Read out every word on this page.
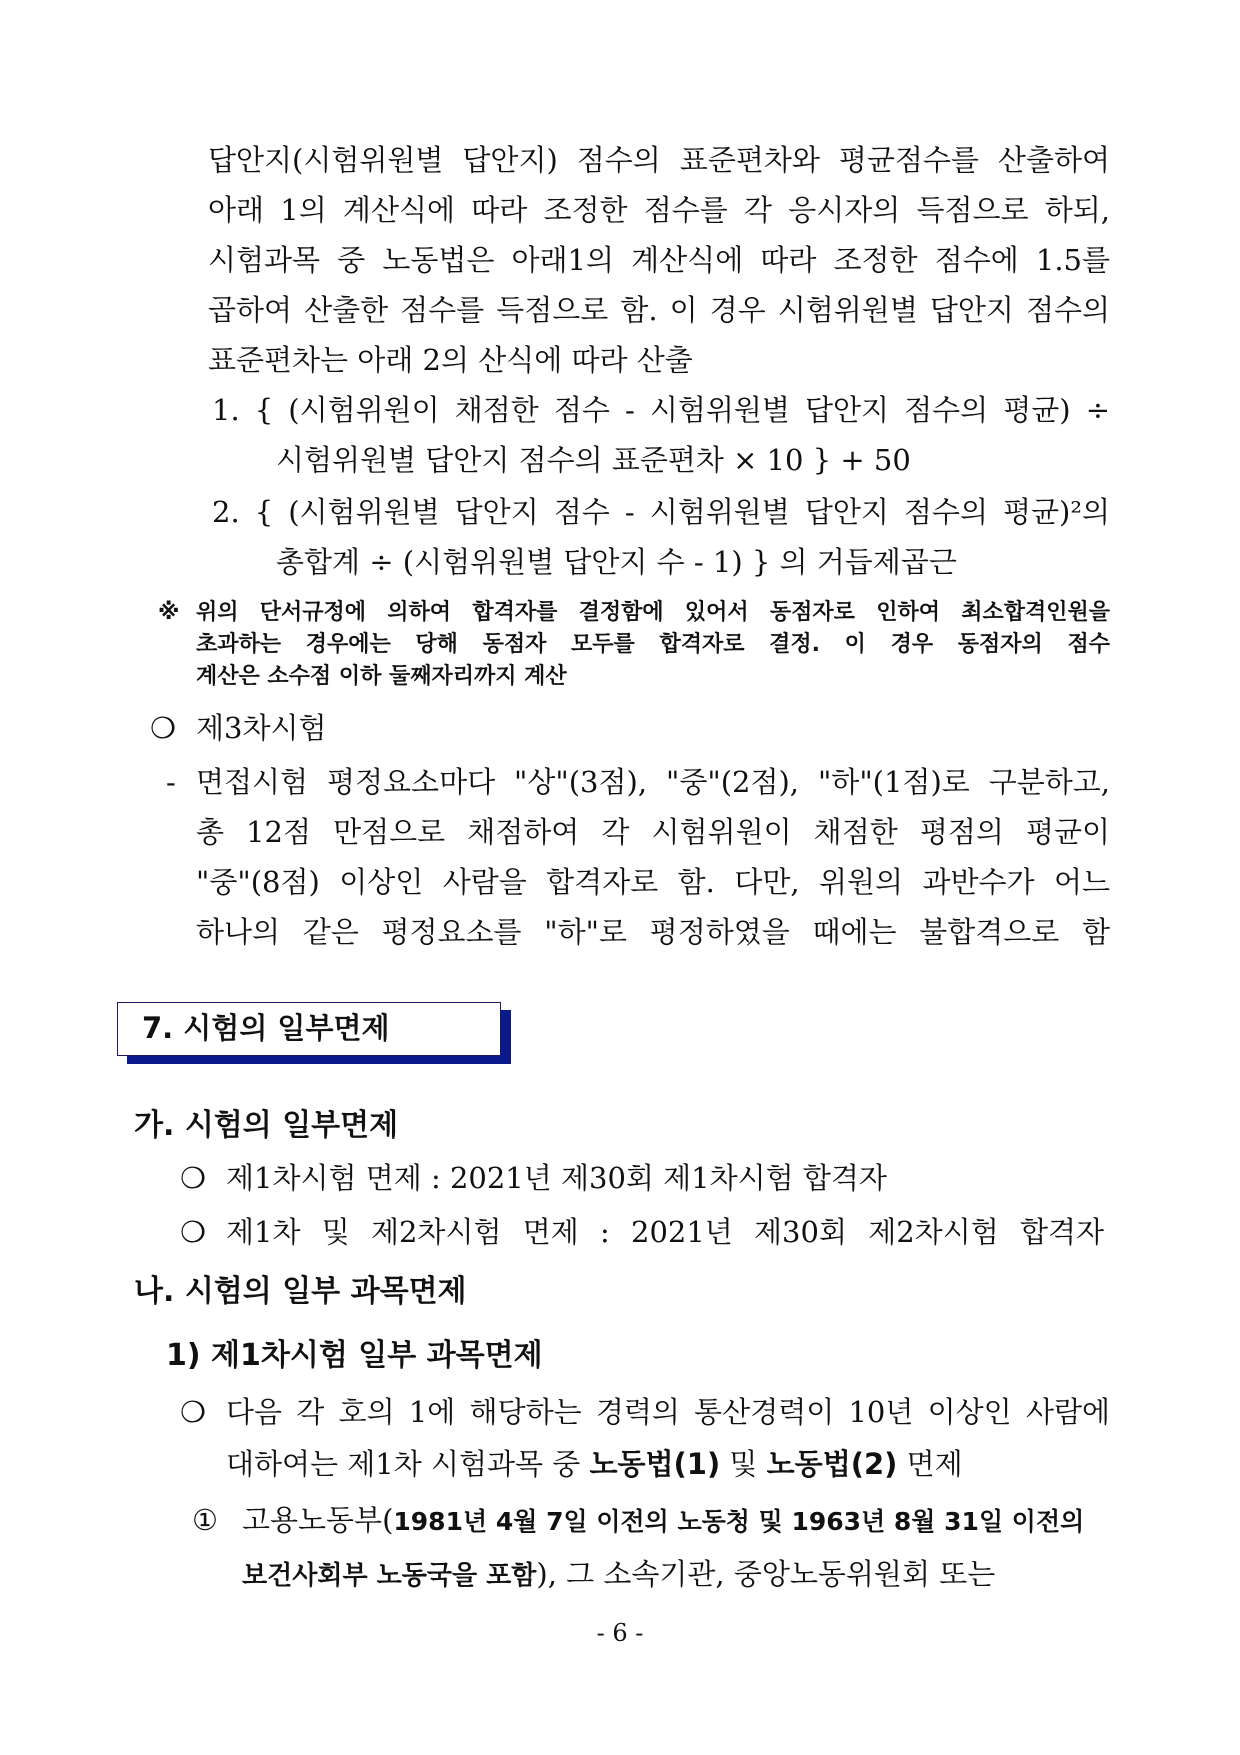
답안지(시험위원별 답안지) 점수의 표준편차와 평균점수를 산출하여
아래 1의 계산식에 따라 조정한 점수를 각 응시자의 득점으로 하되,
시험과목 중 노동법은 아래1의 계산식에 따라 조정한 점수에 1.5를
곱하여 산출한 점수를 득점으로 함. 이 경우 시험위원별 답안지 점수의
표준편차는 아래 2의 산식에 따라 산출
1. { (시험위원이 채점한 점수 - 시험위원별 답안지 점수의 평균) ÷
시험위원별 답안지 점수의 표준편차 × 10 } + 50
2. { (시험위원별 답안지 점수 - 시험위원별 답안지 점수의 평균)²의
총합계 ÷ (시험위원별 답안지 수 - 1) } 의 거듭제곱근
※ 위의 단서규정에 의하여 합격자를 결정함에 있어서 동점자로 인하여 최소합격인원을
초과하는 경우에는 당해 동점자 모두를 합격자로 결정. 이 경우 동점자의 점수
계산은 소수점 이하 둘째자리까지 계산
❍ 제3차시험
- 면접시험 평정요소마다 "상"(3점), "중"(2점), "하"(1점)로 구분하고,
총 12점 만점으로 채점하여 각 시험위원이 채점한 평점의 평균이
"중"(8점) 이상인 사람을 합격자로 함. 다만, 위원의 과반수가 어느
하나의 같은 평정요소를 "하"로 평정하였을 때에는 불합격으로 함
7. 시험의 일부면제
가. 시험의 일부면제
❍ 제1차시험 면제 : 2021년 제30회 제1차시험 합격자
❍ 제1차 및 제2차시험 면제 : 2021년 제30회 제2차시험 합격자
나. 시험의 일부 과목면제
1) 제1차시험 일부 과목면제
❍ 다음 각 호의 1에 해당하는 경력의 통산경력이 10년 이상인 사람에
대하여는 제1차 시험과목 중 노동법(1) 및 노동법(2) 면제
① 고용노동부(1981년 4월 7일 이전의 노동청 및 1963년 8월 31일 이전의
보건사회부 노동국을 포함), 그 소속기관, 중앙노동위원회 또는
- 6 -
